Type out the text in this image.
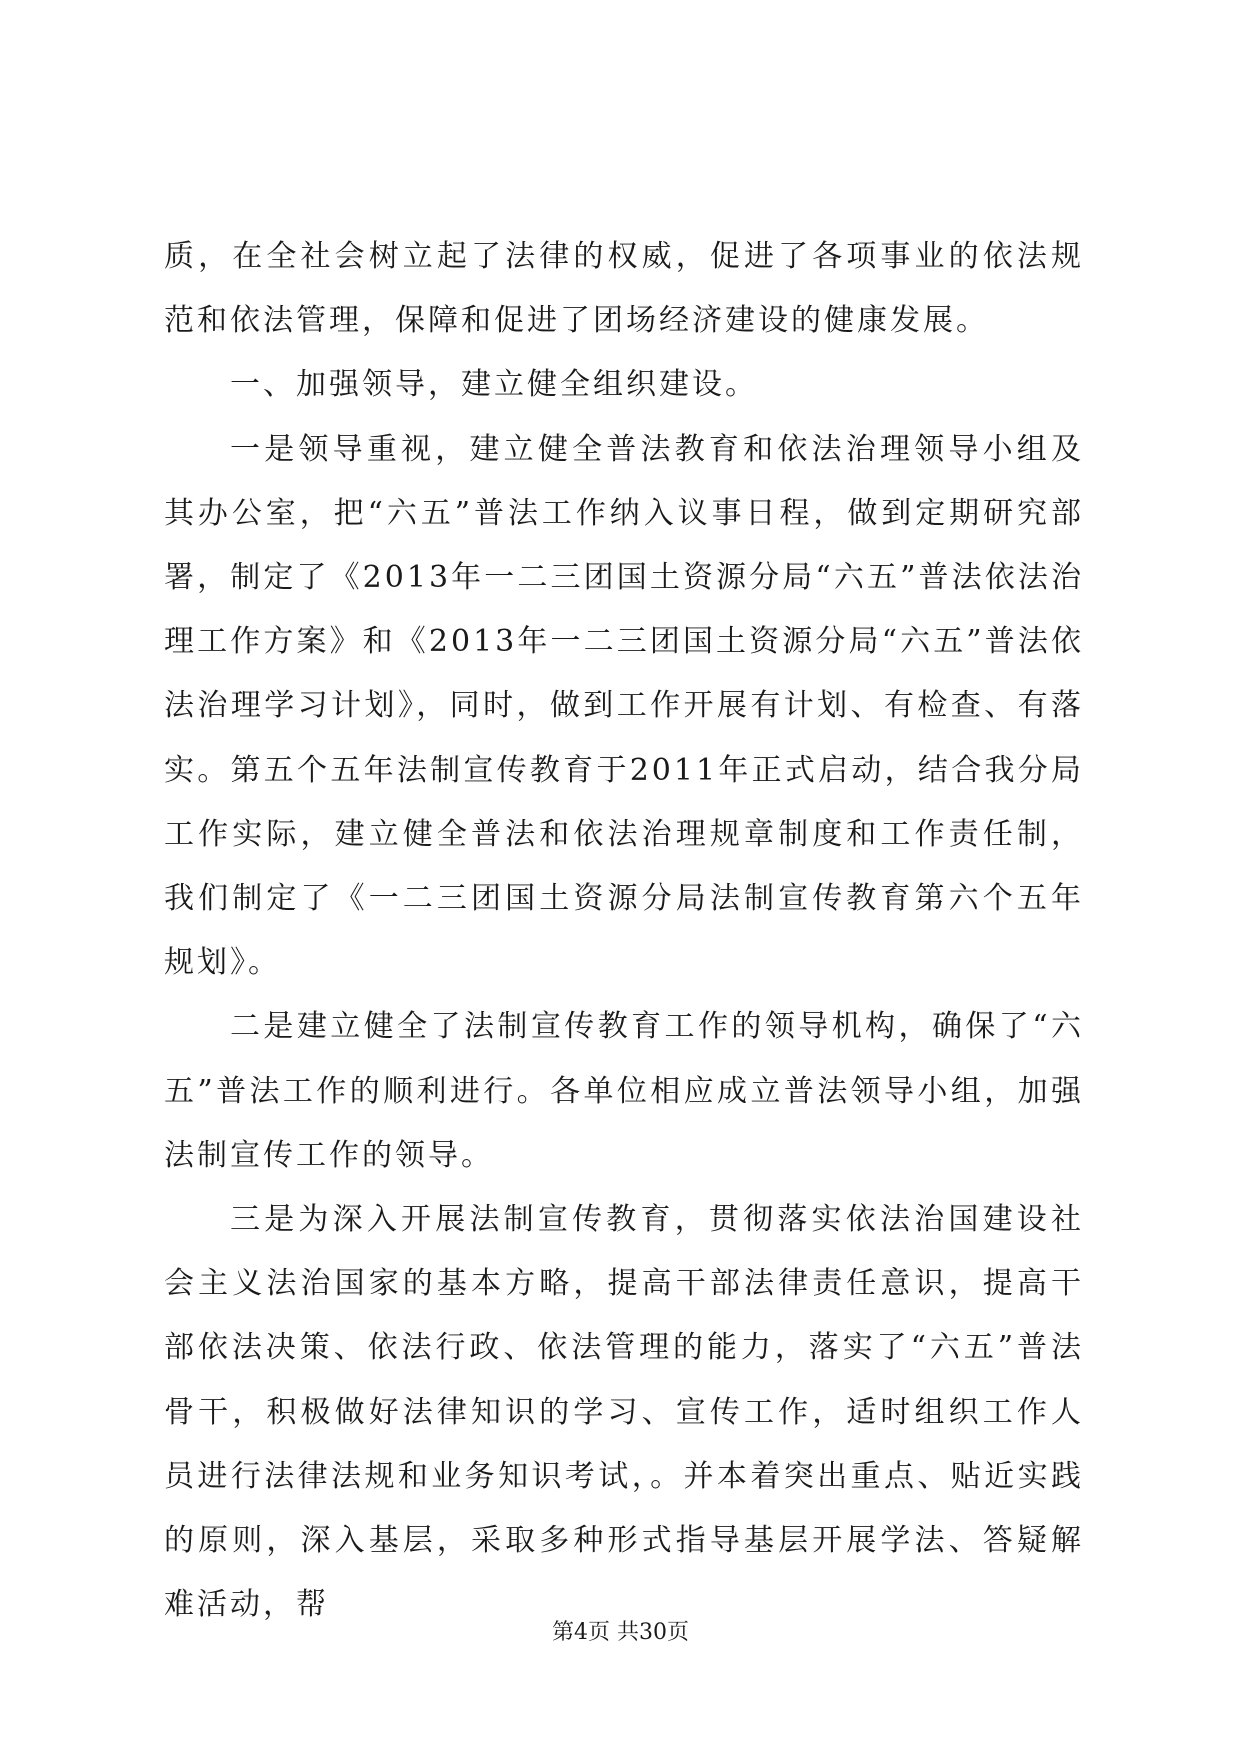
质，在全社会树立起了法律的权威，促进了各项事业的依法规范和依法管理，保障和促进了团场经济建设的健康发展。

一、加强领导，建立健全组织建设。

一是领导重视，建立健全普法教育和依法治理领导小组及其办公室，把“六五”普法工作纳入议事日程，做到定期研究部署，制定了《2013年一二三团国土资源分局“六五”普法依法治理工作方案》和《2013年一二三团国土资源分局“六五”普法依法治理学习计划》，同时，做到工作开展有计划、有检查、有落实。第五个五年法制宣传教育于2011年正式启动，结合我分局工作实际，建立健全普法和依法治理规章制度和工作责任制，我们制定了《一二三团国土资源分局法制宣传教育第六个五年规划》。

二是建立健全了法制宣传教育工作的领导机构，确保了“六五”普法工作的顺利进行。各单位相应成立普法领导小组，加强法制宣传工作的领导。

三是为深入开展法制宣传教育，贯彻落实依法治国建设社会主义法治国家的基本方略，提高干部法律责任意识，提高干部依法决策、依法行政、依法管理的能力，落实了“六五”普法骨干，积极做好法律知识的学习、宣传工作，适时组织工作人员进行法律法规和业务知识考试，。并本着突出重点、贴近实践的原则，深入基层，采取多种形式指导基层开展学法、答疑解难活动，帮

第4页 共30页
